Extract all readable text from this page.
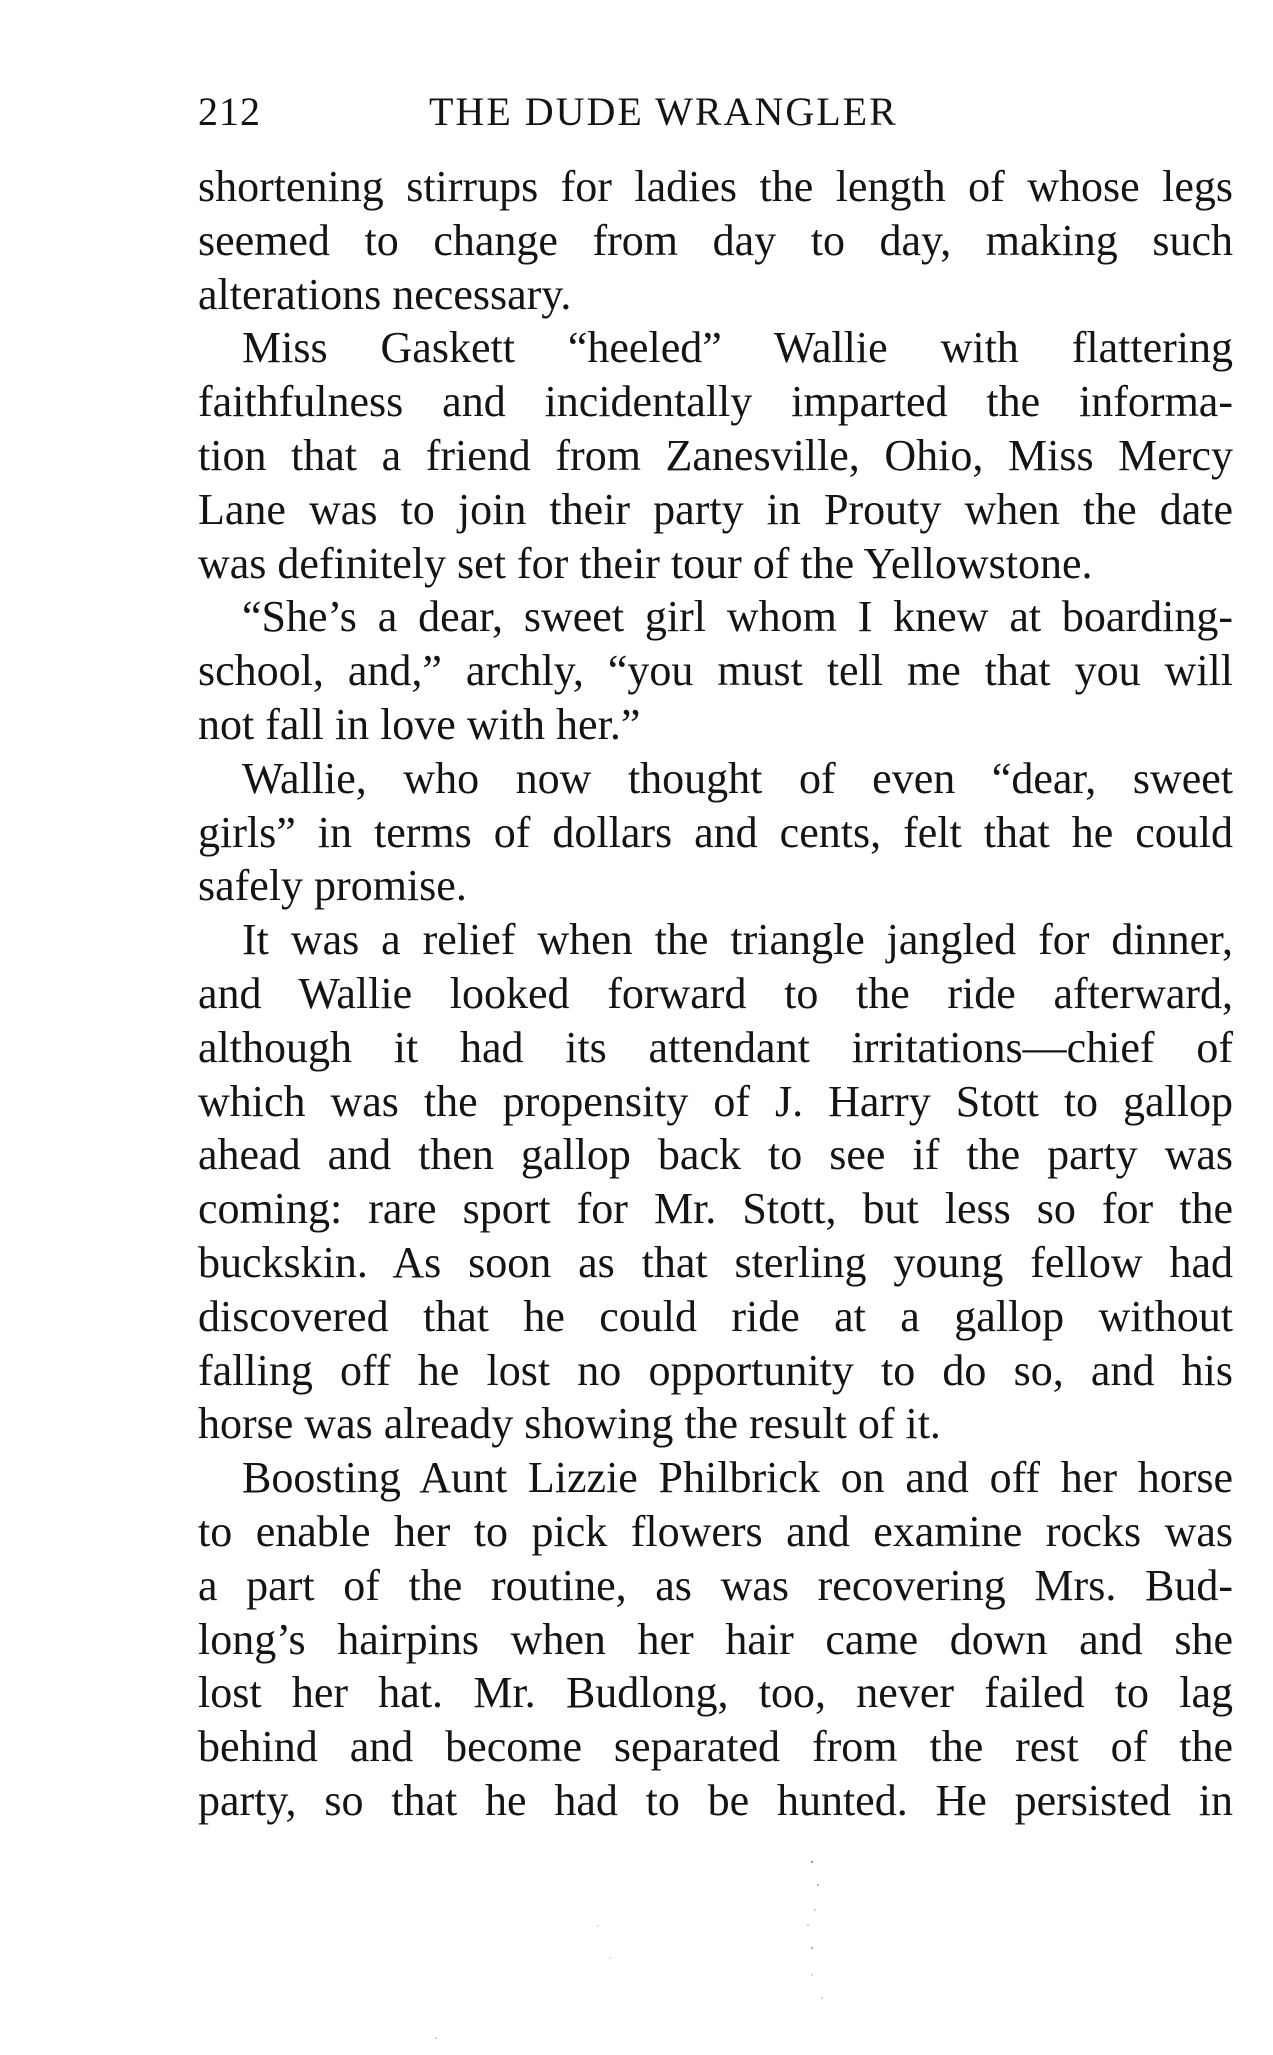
212	THE DUDE WRANGLER
shortening stirrups for ladies the length of whose legs
seemed to change from day to day, making such
alterations necessary.
Miss Gaskett “heeled” Wallie with flattering
faithfulness and incidentally imparted the informa-
tion that a friend from Zanesville, Ohio, Miss Mercy
Lane was to join their party in Prouty when the date
was definitely set for their tour of the Yellowstone.
“She’s a dear, sweet girl whom I knew at boarding-
school, and,” archly, “you must tell me that you will
not fall in love with her.”
Wallie, who now thought of even “dear, sweet
girls” in terms of dollars and cents, felt that he could
safely promise.
It was a relief when the triangle jangled for dinner,
and Wallie looked forward to the ride afterward,
although it had its attendant irritations—chief of
which was the propensity of J. Harry Stott to gallop
ahead and then gallop back to see if the party was
coming: rare sport for Mr. Stott, but less so for the
buckskin. As soon as that sterling young fellow had
discovered that he could ride at a gallop without
falling off he lost no opportunity to do so, and his
horse was already showing the result of it.
Boosting Aunt Lizzie Philbrick on and off her horse
to enable her to pick flowers and examine rocks was
a part of the routine, as was recovering Mrs. Bud-
long’s hairpins when her hair came down and she
lost her hat. Mr. Budlong, too, never failed to lag
behind and become separated from the rest of the
party, so that he had to be hunted. He persisted in
